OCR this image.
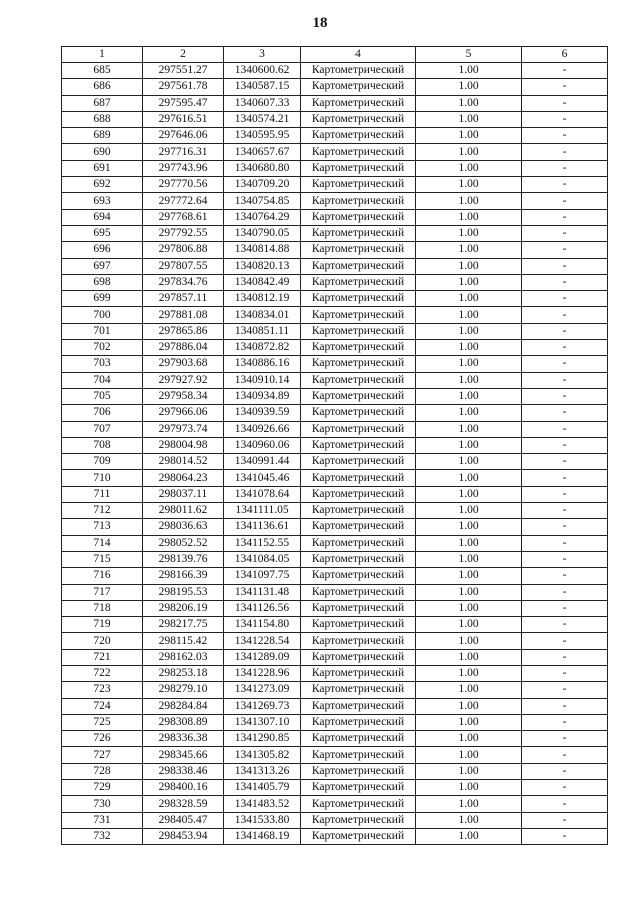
18
1	2	3	4	5	6
685	297551.27	1340600.62	Картометрический	1.00	-
686	297561.78	1340587.15	Картометрический	1.00	-
687	297595.47	1340607.33	Картометрический	1.00	-
688	297616.51	1340574.21	Картометрический	1.00	-
689	297646.06	1340595.95	Картометрический	1.00	-
690	297716.31	1340657.67	Картометрический	1.00	-
691	297743.96	1340680.80	Картометрический	1.00	-
692	297770.56	1340709.20	Картометрический	1.00	-
693	297772.64	1340754.85	Картометрический	1.00	-
694	297768.61	1340764.29	Картометрический	1.00	-
695	297792.55	1340790.05	Картометрический	1.00	-
696	297806.88	1340814.88	Картометрический	1.00	-
697	297807.55	1340820.13	Картометрический	1.00	-
698	297834.76	1340842.49	Картометрический	1.00	-
699	297857.11	1340812.19	Картометрический	1.00	-
700	297881.08	1340834.01	Картометрический	1.00	-
701	297865.86	1340851.11	Картометрический	1.00	-
702	297886.04	1340872.82	Картометрический	1.00	-
703	297903.68	1340886.16	Картометрический	1.00	-
704	297927.92	1340910.14	Картометрический	1.00	-
705	297958.34	1340934.89	Картометрический	1.00	-
706	297966.06	1340939.59	Картометрический	1.00	-
707	297973.74	1340926.66	Картометрический	1.00	-
708	298004.98	1340960.06	Картометрический	1.00	-
709	298014.52	1340991.44	Картометрический	1.00	-
710	298064.23	1341045.46	Картометрический	1.00	-
711	298037.11	1341078.64	Картометрический	1.00	-
712	298011.62	1341111.05	Картометрический	1.00	-
713	298036.63	1341136.61	Картометрический	1.00	-
714	298052.52	1341152.55	Картометрический	1.00	-
715	298139.76	1341084.05	Картометрический	1.00	-
716	298166.39	1341097.75	Картометрический	1.00	-
717	298195.53	1341131.48	Картометрический	1.00	-
718	298206.19	1341126.56	Картометрический	1.00	-
719	298217.75	1341154.80	Картометрический	1.00	-
720	298115.42	1341228.54	Картометрический	1.00	-
721	298162.03	1341289.09	Картометрический	1.00	-
722	298253.18	1341228.96	Картометрический	1.00	-
723	298279.10	1341273.09	Картометрический	1.00	-
724	298284.84	1341269.73	Картометрический	1.00	-
725	298308.89	1341307.10	Картометрический	1.00	-
726	298336.38	1341290.85	Картометрический	1.00	-
727	298345.66	1341305.82	Картометрический	1.00	-
728	298338.46	1341313.26	Картометрический	1.00	-
729	298400.16	1341405.79	Картометрический	1.00	-
730	298328.59	1341483.52	Картометрический	1.00	-
731	298405.47	1341533.80	Картометрический	1.00	-
732	298453.94	1341468.19	Картометрический	1.00	-
